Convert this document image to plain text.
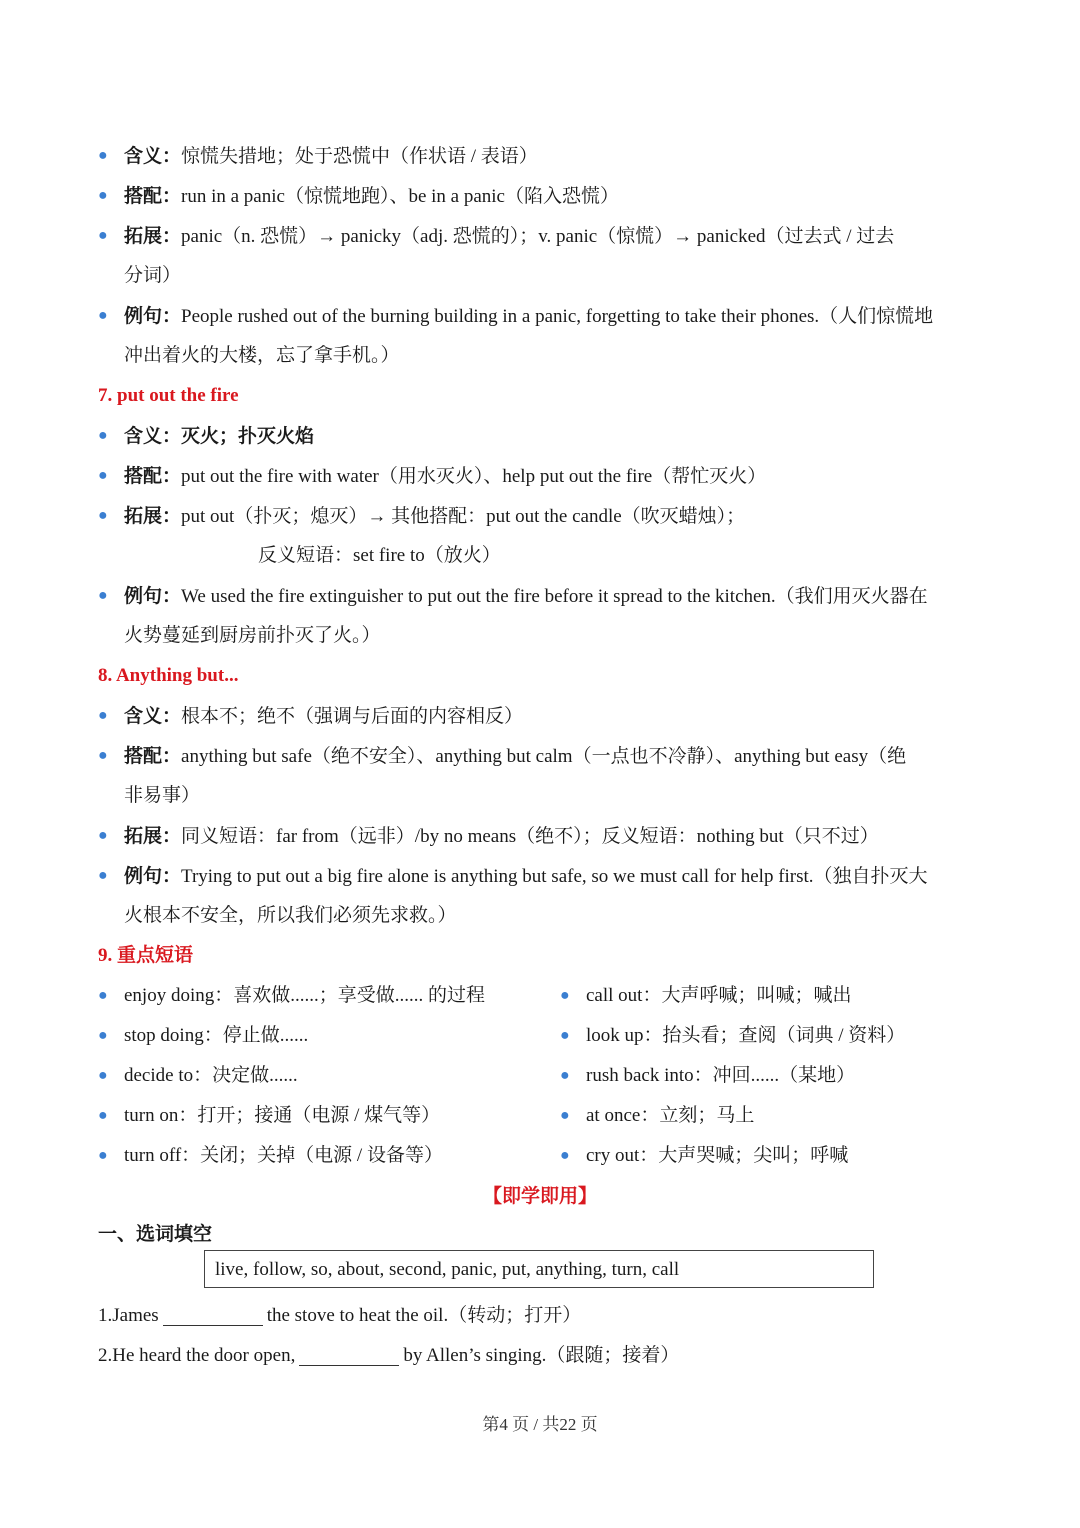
● 含义：惊慌失措地；处于恐慌中（作状语 / 表语）
● 搭配：run in a panic（惊慌地跑）、be in a panic（陷入恐慌）
● 拓展：panic（n. 恐慌）→ panicky（adj. 恐慌的）；v. panic（惊慌）→ panicked（过去式 / 过去
分词）
● 例句：People rushed out of the burning building in a panic, forgetting to take their phones.（人们惊慌地
冲出着火的大楼，忘了拿手机。）
7. put out the fire
● 含义：灭火；扑灭火焰
● 搭配：put out the fire with water（用水灭火）、help put out the fire（帮忙灭火）
● 拓展：put out（扑灭；熄灭）→ 其他搭配：put out the candle（吹灭蜡烛）；
反义短语：set fire to（放火）
● 例句：We used the fire extinguisher to put out the fire before it spread to the kitchen.（我们用灭火器在
火势蔓延到厨房前扑灭了火。）
8. Anything but...
● 含义：根本不；绝不（强调与后面的内容相反）
● 搭配：anything but safe（绝不安全）、anything but calm（一点也不冷静）、anything but easy（绝
非易事）
● 拓展：同义短语：far from（远非）/by no means（绝不）；反义短语：nothing but（只不过）
● 例句：Trying to put out a big fire alone is anything but safe, so we must call for help first.（独自扑灭大
火根本不安全，所以我们必须先求救。）
9. 重点短语
● enjoy doing：喜欢做......；享受做...... 的过程	● call out：大声呼喊；叫喊；喊出
● stop doing：停止做......	● look up：抬头看；查阅（词典 / 资料）
● decide to：决定做......	● rush back into：冲回......（某地）
● turn on：打开；接通（电源 / 煤气等）	● at once：立刻；马上
● turn off：关闭；关掉（电源 / 设备等）	● cry out：大声哭喊；尖叫；呼喊
【即学即用】
一、选词填空
live, follow, so, about, second, panic, put, anything, turn, call
1.James	the stove to heat the oil.（转动；打开）
2.He heard the door open,	by Allen’s singing.（跟随；接着）
第4 页 / 共22 页
